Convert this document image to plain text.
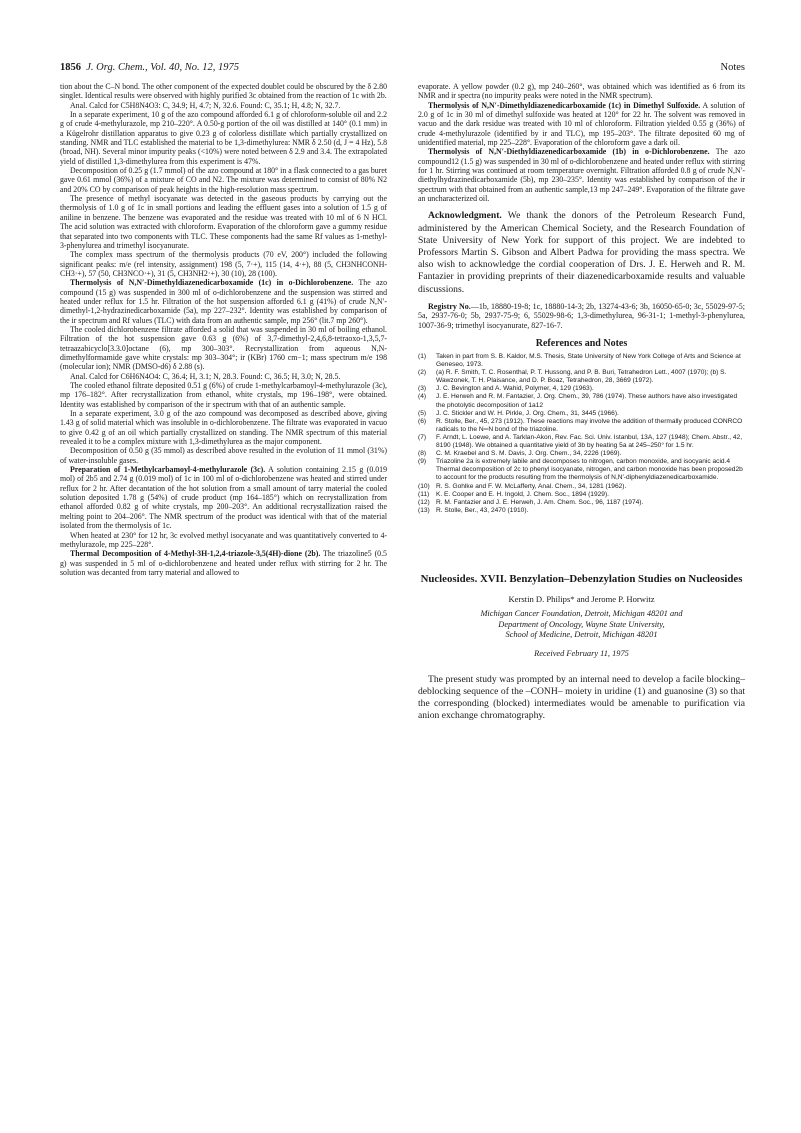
1856 J. Org. Chem., Vol. 40, No. 12, 1975	Notes

tion about the C–N bond. The other component of the expected doublet could be obscured by the δ 2.80 singlet. Identical results were observed with highly purified 3c obtained from the reaction of 1c with 2b.

Anal. Calcd for C5H8N4O3: C, 34.9; H, 4.7; N, 32.6. Found: C, 35.1; H, 4.8; N, 32.7.

In a separate experiment, 10 g of the azo compound afforded 6.1 g of chloroform-soluble oil and 2.2 g of crude 4-methylurazole, mp 210–220°. A 0.50-g portion of the oil was distilled at 140° (0.1 mm) in a Kügelrohr distillation apparatus to give 0.23 g of colorless distillate which partially crystallized on standing. NMR and TLC established the material to be 1,3-dimethylurea: NMR δ 2.50 (d, J = 4 Hz), 5.8 (broad, NH). Several minor impurity peaks (<10%) were noted between δ 2.9 and 3.4. The extrapolated yield of distilled 1,3-dimethylurea from this experiment is 47%.

Decomposition of 0.25 g (1.7 mmol) of the azo compound at 180° in a flask connected to a gas buret gave 0.61 mmol (36%) of a mixture of CO and N2. The mixture was determined to consist of 80% N2 and 20% CO by comparison of peak heights in the high-resolution mass spectrum.

The presence of methyl isocyanate was detected in the gaseous products by carrying out the thermolysis of 1.0 g of 1c in small portions and leading the effluent gases into a solution of 1.5 g of aniline in benzene. The benzene was evaporated and the residue was treated with 10 ml of 6 N HCl. The acid solution was extracted with chloroform. Evaporation of the chloroform gave a gummy residue that separated into two components with TLC. These components had the same Rf values as 1-methyl-3-phenylurea and trimethyl isocyanurate.

The complex mass spectrum of the thermolysis products (70 eV, 200°) included the following significant peaks: m/e (rel intensity, assignment) 198 (5, 7·+), 115 (14, 4·+), 88 (5, CH3NHCONH-CH3·+), 57 (50, CH3NCO·+), 31 (5, CH3NH2·+), 30 (10), 28 (100).

Thermolysis of N,N′-Dimethyldiazenedicarboxamide (1c) in o-Dichlorobenzene. The azo compound (15 g) was suspended in 300 ml of o-dichlorobenzene and the suspension was stirred and heated under reflux for 1.5 hr. Filtration of the hot suspension afforded 6.1 g (41%) of crude N,N′-dimethyl-1,2-hydrazinedicarboxamide (5a), mp 227–232°. Identity was established by comparison of the ir spectrum and Rf values (TLC) with data from an authentic sample, mp 256° (lit.7 mp 260°).

The cooled dichlorobenzene filtrate afforded a solid that was suspended in 30 ml of boiling ethanol. Filtration of the hot suspension gave 0.63 g (6%) of 3,7-dimethyl-2,4,6,8-tetraoxo-1,3,5,7-tetraazabicyclo[3.3.0]octane (6), mp 300–303°. Recrystallization from aqueous N,N-dimethylformamide gave white crystals: mp 303–304°; ir (KBr) 1760 cm−1; mass spectrum m/e 198 (molecular ion); NMR (DMSO-d6) δ 2.88 (s).

Anal. Calcd for C6H6N4O4: C, 36.4; H, 3.1; N, 28.3. Found: C, 36.5; H, 3.0; N, 28.5.

The cooled ethanol filtrate deposited 0.51 g (6%) of crude 1-methylcarbamoyl-4-methylurazole (3c), mp 176–182°. After recrystallization from ethanol, white crystals, mp 196–198°, were obtained. Identity was established by comparison of the ir spectrum with that of an authentic sample.

In a separate experiment, 3.0 g of the azo compound was decomposed as described above, giving 1.43 g of solid material which was insoluble in o-dichlorobenzene. The filtrate was evaporated in vacuo to give 0.42 g of an oil which partially crystallized on standing. The NMR spectrum of this material revealed it to be a complex mixture with 1,3-dimethylurea as the major component.

Decomposition of 0.50 g (35 mmol) as described above resulted in the evolution of 11 mmol (31%) of water-insoluble gases.

Preparation of 1-Methylcarbamoyl-4-methylurazole (3c). A solution containing 2.15 g (0.019 mol) of 2b5 and 2.74 g (0.019 mol) of 1c in 100 ml of o-dichlorobenzene was heated and stirred under reflux for 2 hr. After decantation of the hot solution from a small amount of tarry material the cooled solution deposited 1.78 g (54%) of crude product (mp 164–185°) which on recrystallization from ethanol afforded 0.82 g of white crystals, mp 200–203°. An additional recrystallization raised the melting point to 204–206°. The NMR spectrum of the product was identical with that of the material isolated from the thermolysis of 1c.

When heated at 230° for 12 hr, 3c evolved methyl isocyanate and was quantitatively converted to 4-methylurazole, mp 225–228°.

Thermal Decomposition of 4-Methyl-3H-1,2,4-triazole-3,5(4H)-dione (2b). The triazoline5 (0.5 g) was suspended in 5 ml of o-dichlorobenzene and heated under reflux with stirring for 2 hr. The solution was decanted from tarry material and allowed to

evaporate. A yellow powder (0.2 g), mp 240–260°, was obtained which was identified as 6 from its NMR and ir spectra (no impurity peaks were noted in the NMR spectrum).

Thermolysis of N,N′-Dimethyldiazenedicarboxamide (1c) in Dimethyl Sulfoxide. A solution of 2.0 g of 1c in 30 ml of dimethyl sulfoxide was heated at 120° for 22 hr. The solvent was removed in vacuo and the dark residue was treated with 10 ml of chloroform. Filtration yielded 0.55 g (36%) of crude 4-methylurazole (identified by ir and TLC), mp 195–203°. The filtrate deposited 60 mg of unidentified material, mp 225–228°. Evaporation of the chloroform gave a dark oil.

Thermolysis of N,N′-Diethyldiazenedicarboxamide (1b) in o-Dichlorobenzene. The azo compound12 (1.5 g) was suspended in 30 ml of o-dichlorobenzene and heated under reflux with stirring for 1 hr. Stirring was continued at room temperature overnight. Filtration afforded 0.8 g of crude N,N′-diethylhydrazinedicarboxamide (5b), mp 230–235°. Identity was established by comparison of the ir spectrum with that obtained from an authentic sample,13 mp 247–249°. Evaporation of the filtrate gave an uncharacterized oil.

Acknowledgment. We thank the donors of the Petroleum Research Fund, administered by the American Chemical Society, and the Research Foundation of State University of New York for support of this project. We are indebted to Professors Martin S. Gibson and Albert Padwa for providing the mass spectra. We also wish to acknowledge the cordial cooperation of Drs. J. E. Herweh and R. M. Fantazier in providing preprints of their diazenedicarboxamide results and valuable discussions.

Registry No.—1b, 18880-19-8; 1c, 18880-14-3; 2b, 13274-43-6; 3b, 16050-65-0; 3c, 55029-97-5; 5a, 2937-76-0; 5b, 2937-75-9; 6, 55029-98-6; 1,3-dimethylurea, 96-31-1; 1-methyl-3-phenylurea, 1007-36-9; trimethyl isocyanurate, 827-16-7.

References and Notes
(1)	Taken in part from S. B. Kaldor, M.S. Thesis, State University of New York College of Arts and Science at Geneseo, 1973.
(2)	(a) R. F. Smith, T. C. Rosenthal, P. T. Hussong, and P. B. Buri, Tetrahedron Lett., 4007 (1970); (b) S. Wawzonek, T. H. Plaisance, and D. P. Boaz, Tetrahedron, 28, 3669 (1972).
(3)	J. C. Bevington and A. Wahid, Polymer, 4, 129 (1963).
(4)	J. E. Herweh and R. M. Fantazier, J. Org. Chem., 39, 786 (1974). These authors have also investigated the photolytic decomposition of 1a12
(5)	J. C. Stickler and W. H. Pirkle, J. Org. Chem., 31, 3445 (1966).
(6)	R. Stolle, Ber., 45, 273 (1912). These reactions may involve the addition of thermally produced CONRCO radicals to the N═N bond of the triazoline.
(7)	F. Arndt, L. Loewe, and A. Tarklan-Akon, Rev. Fac. Sci. Univ. Istanbul, 13A, 127 (1948); Chem. Abstr., 42, 8190 (1948). We obtained a quantitative yield of 3b by heating 5a at 245–250° for 1.5 hr.
(8)	C. M. Kraebel and S. M. Davis, J. Org. Chem., 34, 2226 (1969).
(9)	Triazoline 2a is extremely labile and decomposes to nitrogen, carbon monoxide, and isocyanic acid.4 Thermal decomposition of 2c to phenyl isocyanate, nitrogen, and carbon monoxide has been proposed2b to account for the products resulting from the thermolysis of N,N′-diphenyldiazenedicarboxamide.
(10) R. S. Gohlke and F. W. McLafferty, Anal. Chem., 34, 1281 (1962).
(11)	K. E. Cooper and E. H. Ingold, J. Chem. Soc., 1894 (1929).
(12) R. M. Fantazier and J. E. Herweh, J. Am. Chem. Soc., 96, 1187 (1974).
(13) R. Stolle, Ber., 43, 2470 (1910).
Nucleosides. XVII. Benzylation–Debenzylation Studies on Nucleosides
Kerstin D. Philips* and Jerome P. Horwitz
Michigan Cancer Foundation, Detroit, Michigan 48201 and
Department of Oncology, Wayne State University,
School of Medicine, Detroit, Michigan 48201
Received February 11, 1975

The present study was prompted by an internal need to develop a facile blocking–deblocking sequence of the –CONH– moiety in uridine (1) and guanosine (3) so that the corresponding (blocked) intermediates would be amenable to purification via anion exchange chromatography.
